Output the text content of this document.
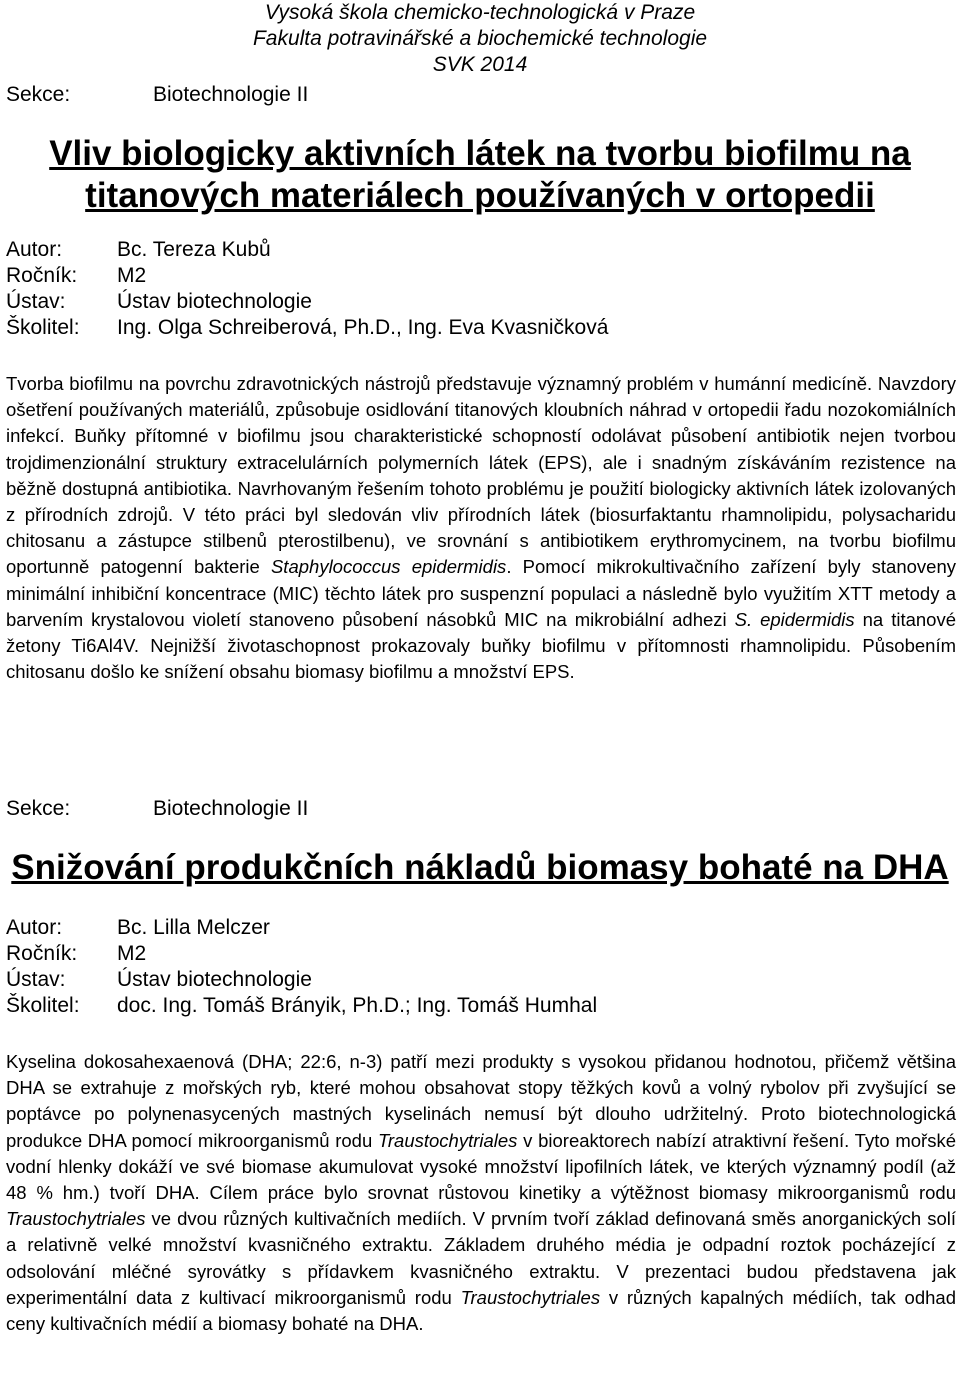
Vysoká škola chemicko-technologická v Praze
Fakulta potravinářské a biochemické technologie
SVK 2014
Sekce:	Biotechnologie II
Vliv biologicky aktivních látek na tvorbu biofilmu na
titanových materiálech používaných v ortopedii
Autor:	Bc. Tereza Kubů
Ročník: M2
Ústav: Ústav biotechnologie
Školitel: Ing. Olga Schreiberová, Ph.D., Ing. Eva Kvasničková

Tvorba biofilmu na povrchu zdravotnických nástrojů představuje významný problém v humánní medicíně. Navzdory ošetření používaných materiálů, způsobuje osidlování titanových kloubních náhrad v ortopedii řadu nozokomiálních infekcí. Buňky přítomné v biofilmu jsou charakteristické schopností odolávat působení antibiotik nejen tvorbou trojdimenzionální struktury extracelulárních polymerních látek (EPS), ale i snadným získáváním rezistence na běžně dostupná antibiotika. Navrhovaným řešením tohoto problému je použití biologicky aktivních látek izolovaných z přírodních zdrojů. V této práci byl sledován vliv přírodních látek (biosurfaktantu rhamnolipidu, polysacharidu chitosanu a zástupce stilbenů pterostilbenu), ve srovnání s antibiotikem erythromycinem, na tvorbu biofilmu oportunně patogenní bakterie Staphylococcus epidermidis. Pomocí mikrokultivačního zařízení byly stanoveny minimální inhibiční koncentrace (MIC) těchto látek pro suspenzní populaci a následně bylo využitím XTT metody a barvením krystalovou violetí stanoveno působení násobků MIC na mikrobiální adhezi S. epidermidis na titanové žetony Ti6Al4V. Nejnižší životaschopnost prokazovaly buňky biofilmu v přítomnosti rhamnolipidu. Působením chitosanu došlo ke snížení obsahu biomasy biofilmu a množství EPS.

Sekce:	Biotechnologie II
Snižování produkčních nákladů biomasy bohaté na DHA
Autor:	Bc. Lilla Melczer
Ročník: M2
Ústav: Ústav biotechnologie
Školitel: doc. Ing. Tomáš Brányik, Ph.D.; Ing. Tomáš Humhal

Kyselina dokosahexaenová (DHA; 22:6, n-3) patří mezi produkty s vysokou přidanou hodnotou, přičemž většina DHA se extrahuje z mořských ryb, které mohou obsahovat stopy těžkých kovů a volný rybolov při zvyšující se poptávce po polynenasycených mastných kyselinách nemusí být dlouho udržitelný. Proto biotechnologická produkce DHA pomocí mikroorganismů rodu Traustochytriales v bioreaktorech nabízí atraktivní řešení. Tyto mořské vodní hlenky dokáží ve své biomase akumulovat vysoké množství lipofilních látek, ve kterých významný podíl (až 48 % hm.) tvoří DHA. Cílem práce bylo srovnat růstovou kinetiky a výtěžnost biomasy mikroorganismů rodu Traustochytriales ve dvou různých kultivačních mediích. V prvním tvoří základ definovaná směs anorganických solí a relativně velké množství kvasničného extraktu. Základem druhého média je odpadní roztok pocházející z odsolování mléčné syrovátky s přídavkem kvasničného extraktu. V prezentaci budou představena jak experimentální data z kultivací mikroorganismů rodu Traustochytriales v různých kapalných médiích, tak odhad ceny kultivačních médií a biomasy bohaté na DHA.
